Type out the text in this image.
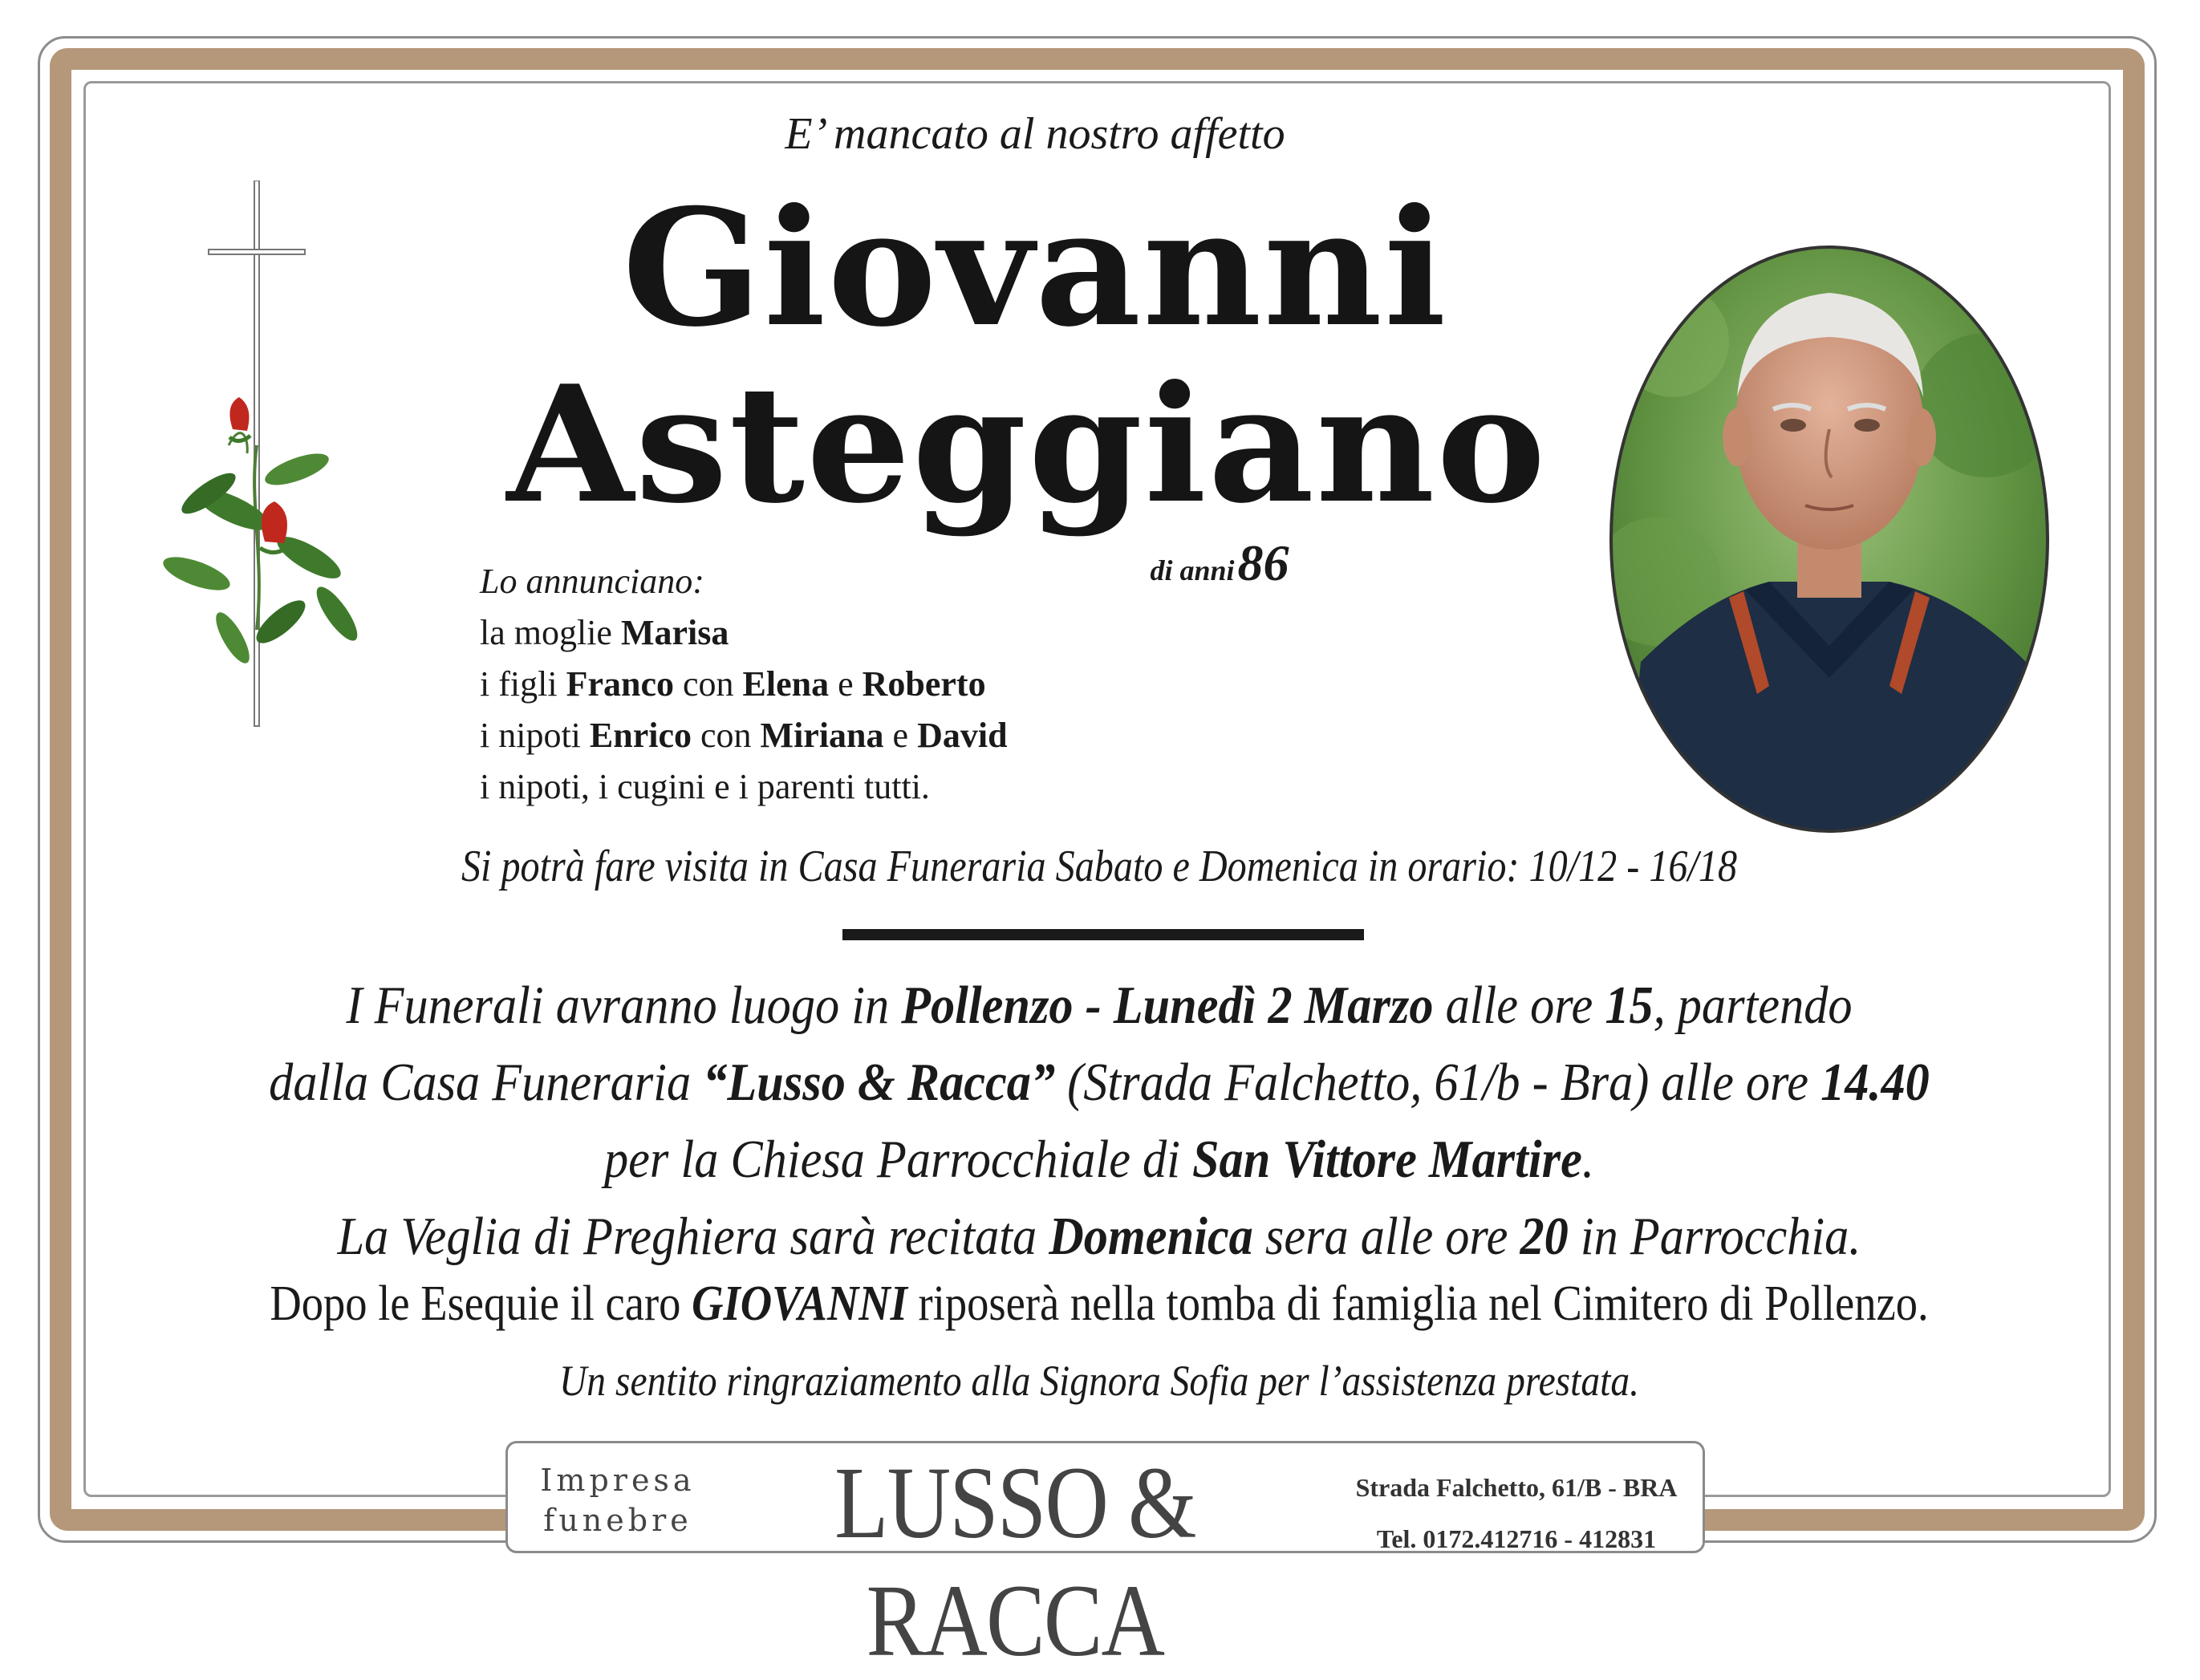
E’ mancato al nostro affetto
Giovanni
Asteggiano
di anni 86
Lo annunciano:
la moglie Marisa
i figli Franco con Elena e Roberto
i nipoti Enrico con Miriana e David
i nipoti, i cugini e i parenti tutti.
Si potrà fare visita in Casa Funeraria Sabato e Domenica in orario: 10/12 - 16/18
I Funerali avranno luogo in Pollenzo - Lunedì 2 Marzo alle ore 15, partendo
dalla Casa Funeraria “Lusso & Racca” (Strada Falchetto, 61/b - Bra) alle ore 14.40
per la Chiesa Parrocchiale di San Vittore Martire.
La Veglia di Preghiera sarà recitata Domenica sera alle ore 20 in Parrocchia.
Dopo le Esequie il caro GIOVANNI riposerà nella tomba di famiglia nel Cimitero di Pollenzo.
Un sentito ringraziamento alla Signora Sofia per l’assistenza prestata.
Impresa
funebre	LUSSO & RACCA
Strada Falchetto, 61/B - BRA
Tel. 0172.412716 - 412831
